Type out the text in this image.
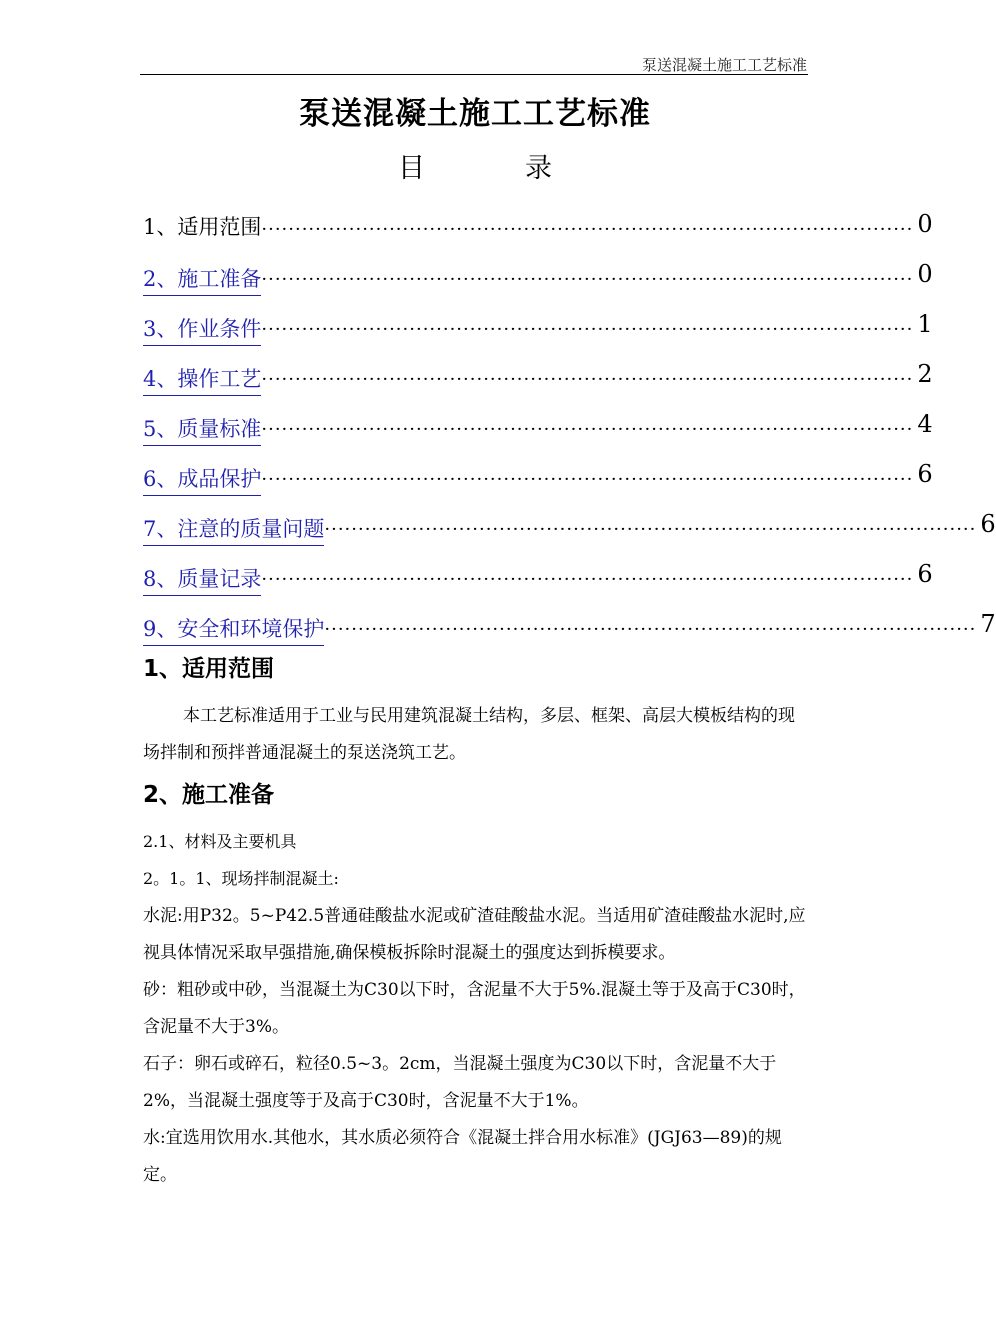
泵送混凝土施工工艺标准
泵送混凝土施工工艺标准
目	录
1、适用范围 ································································································· 0
2、施工准备 ································································································· 0
3、作业条件 ································································································· 1
4、操作工艺 ································································································· 2
5、质量标准 ································································································· 4
6、成品保护 ································································································· 6
7、注意的质量问题 ································································································· 6
8、质量记录 ································································································· 6
9、安全和环境保护 ································································································· 7
1、适用范围

本工艺标准适用于工业与民用建筑混凝土结构，多层、框架、高层大模板结构的现场拌制和预拌普通混凝土的泵送浇筑工艺。

2、施工准备

2.1、材料及主要机具

2。1。1、现场拌制混凝土:

水泥:用P32。5~P42.5普通硅酸盐水泥或矿渣硅酸盐水泥。当适用矿渣硅酸盐水泥时,应视具体情况采取早强措施,确保模板拆除时混凝土的强度达到拆模要求。

砂：粗砂或中砂，当混凝土为C30以下时，含泥量不大于5%.混凝土等于及高于C30时，含泥量不大于3%。

石子：卵石或碎石，粒径0.5~3。2cm，当混凝土强度为C30以下时，含泥量不大于2%，当混凝土强度等于及高于C30时，含泥量不大于1%。

水:宜选用饮用水.其他水，其水质必须符合《混凝土拌合用水标准》(JGJ63—89)的规定。
